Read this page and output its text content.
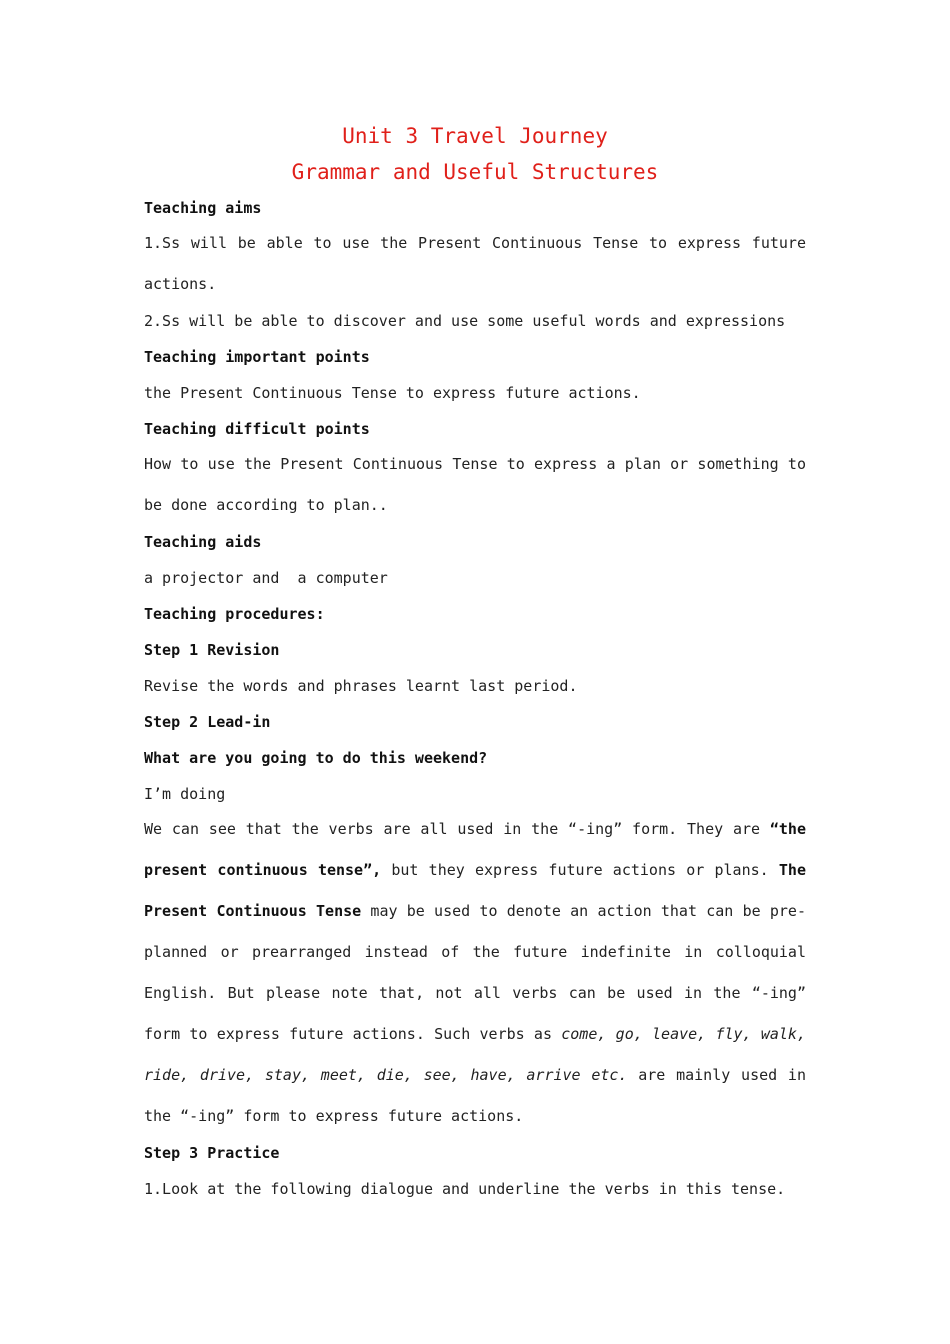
Unit 3 Travel Journey
Grammar and Useful Structures
Teaching aims
1.Ss will be able to use the Present Continuous Tense to express future actions.
2.Ss will be able to discover and use some useful words and expressions
Teaching important points
the Present Continuous Tense to express future actions.
Teaching difficult points
How to use the Present Continuous Tense to express a plan or something to be done according to plan..
Teaching aids
a projector and  a computer
Teaching procedures:
Step 1 Revision
Revise the words and phrases learnt last period.
Step 2 Lead-in
What are you going to do this weekend?
I’m doing
We can see that the verbs are all used in the “-ing” form. They are “the present continuous tense”, but they express future actions or plans. The Present Continuous Tense may be used to denote an action that can be pre-planned or prearranged instead of the future indefinite in colloquial English. But please note that, not all verbs can be used in the “-ing” form to express future actions. Such verbs as come, go, leave, fly, walk, ride, drive, stay, meet, die, see, have, arrive etc. are mainly used in the “-ing” form to express future actions.
Step 3 Practice
1.Look at the following dialogue and underline the verbs in this tense.
